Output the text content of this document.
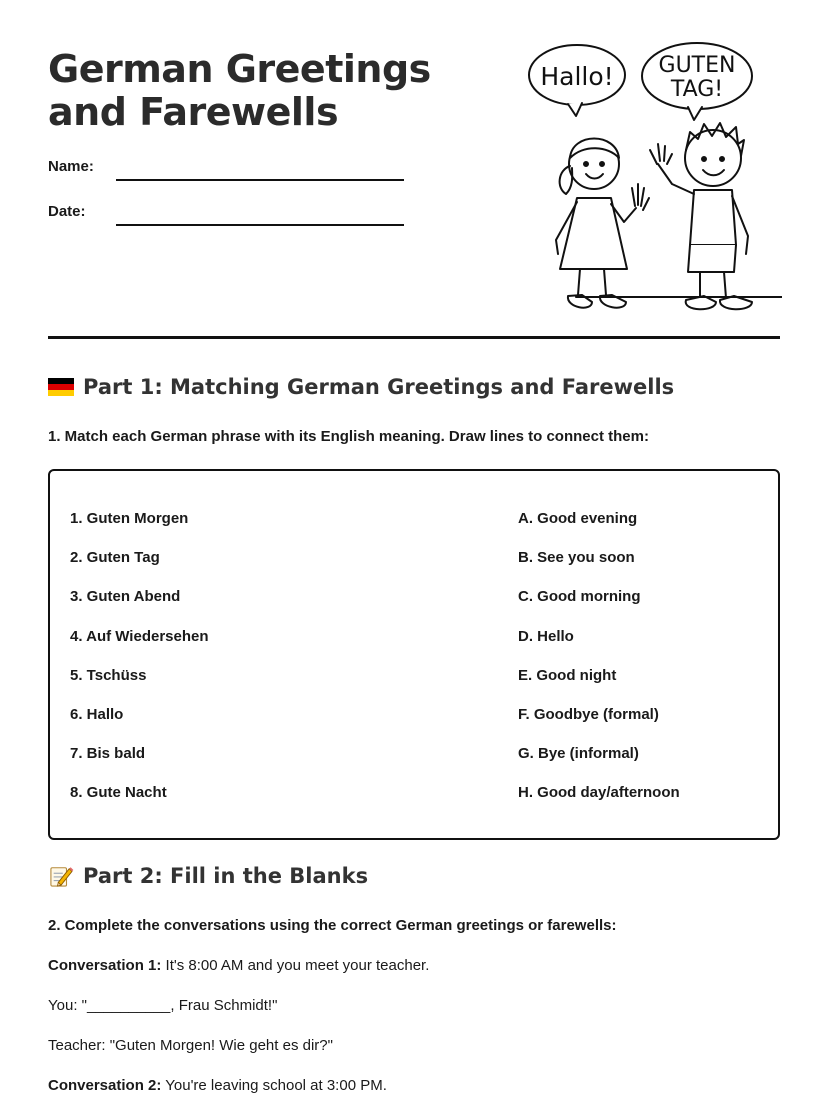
German Greetings and Farewells
Name:
Date:
Hallo! GUTEN
TAG!
Part 1: Matching German Greetings and Farewells
1. Match each German phrase with its English meaning. Draw lines to connect them:
1. Guten Morgen
2. Guten Tag
3. Guten Abend
4. Auf Wiedersehen
5. Tschüss
6. Hallo
7. Bis bald
8. Gute Nacht
A. Good evening
B. See you soon
C. Good morning
D. Hello
E. Good night
F. Goodbye (formal)
G. Bye (informal)
H. Good day/afternoon
Part 2: Fill in the Blanks
2. Complete the conversations using the correct German greetings or farewells:
Conversation 1: It's 8:00 AM and you meet your teacher.
You: "__________, Frau Schmidt!"
Teacher: "Guten Morgen! Wie geht es dir?"
Conversation 2: You're leaving school at 3:00 PM.
